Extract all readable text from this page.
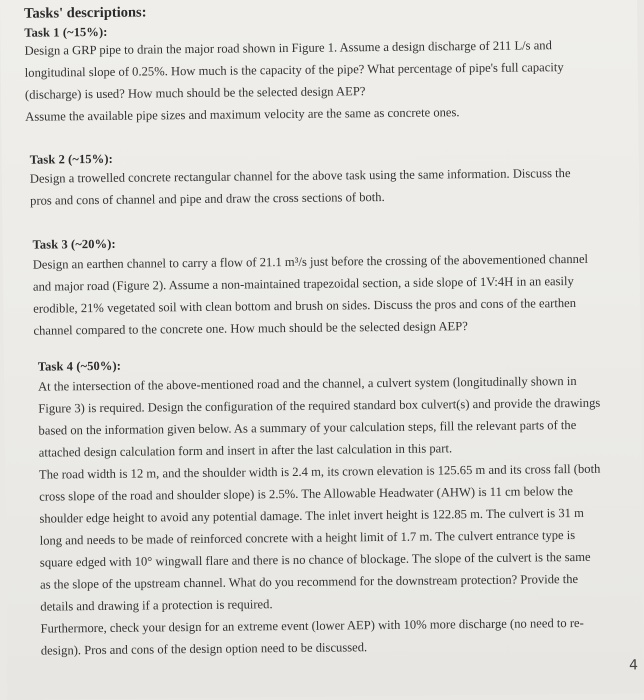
Tasks' descriptions:
Task 1 (~15%):

Design a GRP pipe to drain the major road shown in Figure 1. Assume a design discharge of 211 L/s and longitudinal slope of 0.25%. How much is the capacity of the pipe? What percentage of pipe's full capacity (discharge) is used? How much should be the selected design AEP?

Assume the available pipe sizes and maximum velocity are the same as concrete ones.

Task 2 (~15%):

Design a trowelled concrete rectangular channel for the above task using the same information. Discuss the pros and cons of channel and pipe and draw the cross sections of both.

Task 3 (~20%):

Design an earthen channel to carry a flow of 21.1 m³/s just before the crossing of the abovementioned channel and major road (Figure 2). Assume a non-maintained trapezoidal section, a side slope of 1V:4H in an easily erodible, 21% vegetated soil with clean bottom and brush on sides. Discuss the pros and cons of the earthen channel compared to the concrete one. How much should be the selected design AEP?

Task 4 (~50%):

At the intersection of the above-mentioned road and the channel, a culvert system (longitudinally shown in Figure 3) is required. Design the configuration of the required standard box culvert(s) and provide the drawings based on the information given below. As a summary of your calculation steps, fill the relevant parts of the attached design calculation form and insert in after the last calculation in this part.

The road width is 12 m, and the shoulder width is 2.4 m, its crown elevation is 125.65 m and its cross fall (both cross slope of the road and shoulder slope) is 2.5%. The Allowable Headwater (AHW) is 11 cm below the shoulder edge height to avoid any potential damage. The inlet invert height is 122.85 m. The culvert is 31 m long and needs to be made of reinforced concrete with a height limit of 1.7 m. The culvert entrance type is square edged with 10° wingwall flare and there is no chance of blockage. The slope of the culvert is the same as the slope of the upstream channel. What do you recommend for the downstream protection? Provide the details and drawing if a protection is required.

Furthermore, check your design for an extreme event (lower AEP) with 10% more discharge (no need to re-design). Pros and cons of the design option need to be discussed.

4
